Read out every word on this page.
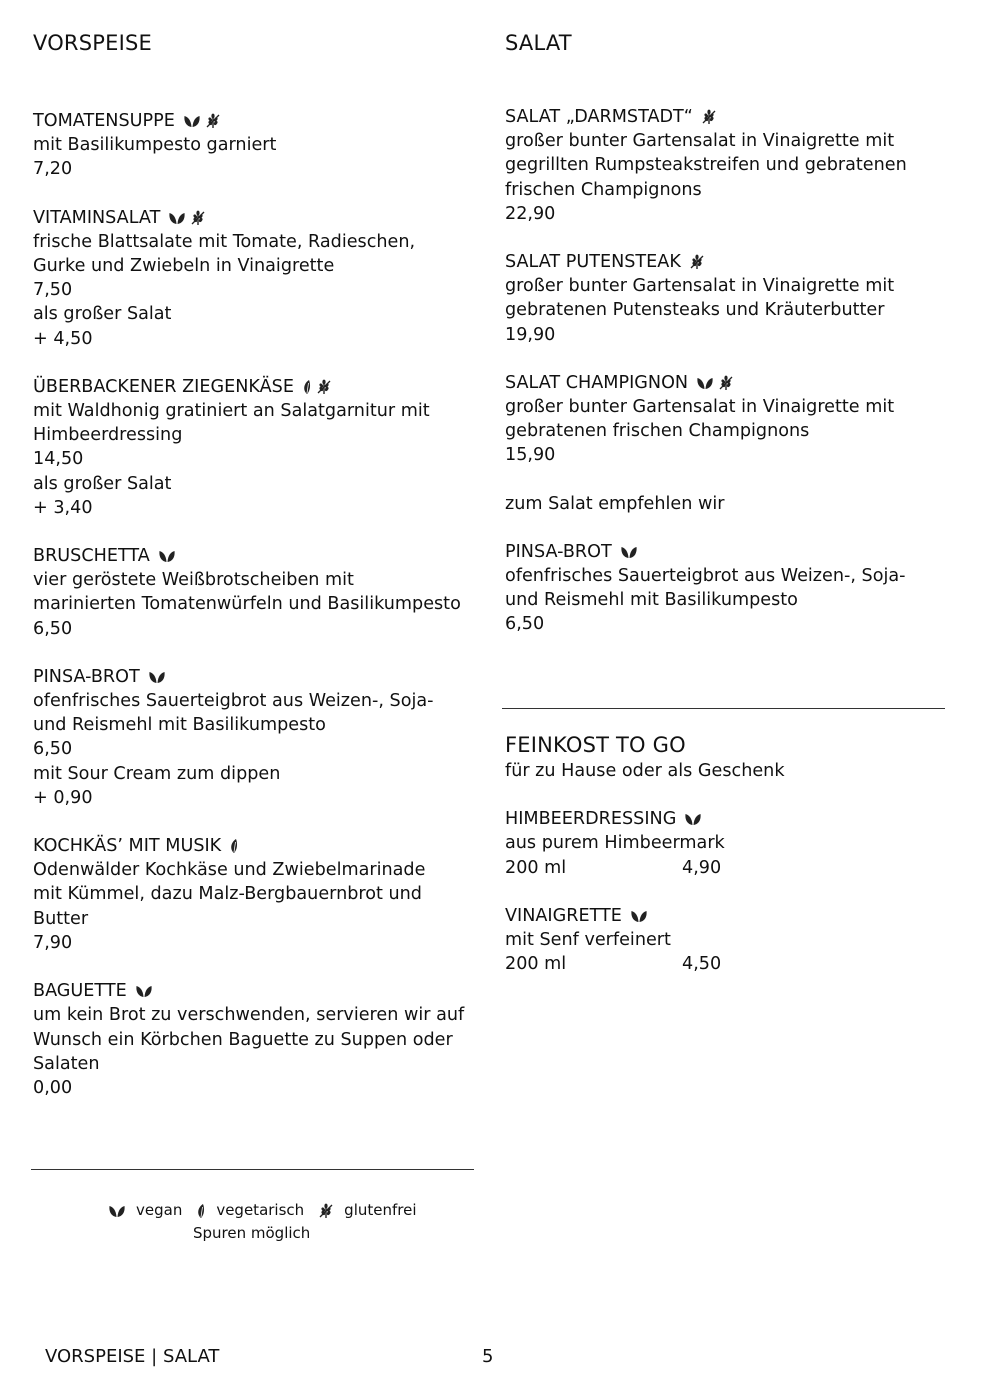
VORSPEISE
TOMATENSUPPE
mit Basilikumpesto garniert
7,20
VITAMINSALAT
frische Blattsalate mit Tomate, Radieschen,
Gurke und Zwiebeln in Vinaigrette
7,50
als großer Salat
+ 4,50
ÜBERBACKENER ZIEGENKÄSE
mit Waldhonig gratiniert an Salatgarnitur mit
Himbeerdressing
14,50
als großer Salat
+ 3,40
BRUSCHETTA
vier geröstete Weißbrotscheiben mit
marinierten Tomatenwürfeln und Basilikumpesto
6,50
PINSA-BROT
ofenfrisches Sauerteigbrot aus Weizen-, Soja-
und Reismehl mit Basilikumpesto
6,50
mit Sour Cream zum dippen
+ 0,90
KOCHKÄS’ MIT MUSIK
Odenwälder Kochkäse und Zwiebelmarinade
mit Kümmel, dazu Malz-Bergbauernbrot und
Butter
7,90
BAGUETTE
um kein Brot zu verschwenden, servieren wir auf
Wunsch ein Körbchen Baguette zu Suppen oder
Salaten
0,00
vegan vegetarisch	glutenfrei
Spuren möglich
SALAT
SALAT „DARMSTADT“
großer bunter Gartensalat in Vinaigrette mit
gegrillten Rumpsteakstreifen und gebratenen
frischen Champignons
22,90
SALAT PUTENSTEAK
großer bunter Gartensalat in Vinaigrette mit
gebratenen Putensteaks und Kräuterbutter
19,90
SALAT CHAMPIGNON
großer bunter Gartensalat in Vinaigrette mit
gebratenen frischen Champignons
15,90
zum Salat empfehlen wir
PINSA-BROT
ofenfrisches Sauerteigbrot aus Weizen-, Soja-
und Reismehl mit Basilikumpesto
6,50
FEINKOST TO GO
für zu Hause oder als Geschenk
HIMBEERDRESSING
aus purem Himbeermark
200 ml	4,90
VINAIGRETTE
mit Senf verfeinert
200 ml	4,50
VORSPEISE | SALAT	5
